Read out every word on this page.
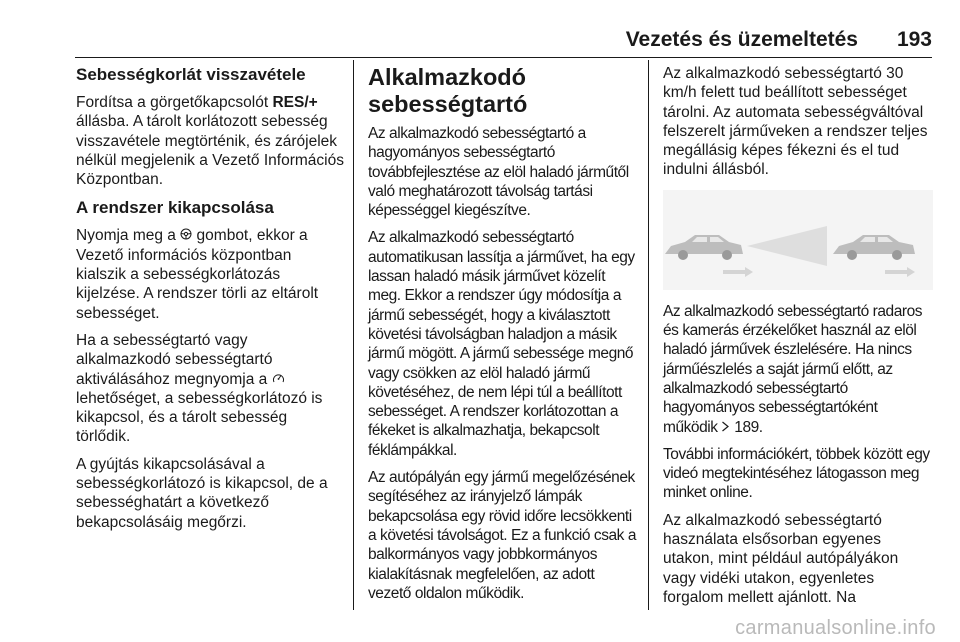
Vezetés és üzemeltetés	193
Sebességkorlát visszavétele

Fordítsa a görgetőkapcsolót RES/+ állásba. A tárolt korlátozott sebesség visszavétele megtörténik, és zárójelek nélkül megjelenik a Vezető Információs Központban.

A rendszer kikapcsolása

Nyomja meg a  gombot, ekkor a Vezető információs központban kialszik a sebességkorlátozás kijelzése. A rendszer törli az eltárolt sebességet.

Ha a sebességtartó vagy alkalmazkodó sebességtartó aktiválásához megnyomja a  lehetőséget, a sebességkorlátozó is kikapcsol, és a tárolt sebesség törlődik.

A gyújtás kikapcsolásával a sebességkorlátozó is kikapcsol, de a sebességhatárt a következő bekapcsolásáig megőrzi.

Alkalmazkodó
sebességtartó

Az alkalmazkodó sebességtartó a hagyományos sebességtartó továbbfejlesztése az elöl haladó járműtől való meghatározott távolság tartási képességgel kiegészítve.

Az alkalmazkodó sebességtartó automatikusan lassítja a járművet, ha egy lassan haladó másik járművet közelít meg. Ekkor a rendszer úgy módosítja a jármű sebességét, hogy a kiválasztott követési távolságban haladjon a másik jármű mögött. A jármű sebessége megnő vagy csökken az elöl haladó jármű követéséhez, de nem lépi túl a beállított sebességet. A rendszer korlátozottan a fékeket is alkalmazhatja, bekapcsolt féklámpákkal.

Az autópályán egy jármű megelőzésének segítéséhez az irányjelző lámpák bekapcsolása egy rövid időre lecsökkenti a követési távolságot. Ez a funkció csak a balkormányos vagy jobbkormányos kialakításnak megfelelően, az adott vezető oldalon működik.

Az alkalmazkodó sebességtartó 30 km/h felett tud beállított sebességet tárolni. Az automata sebességváltóval felszerelt járműveken a rendszer teljes megállásig képes fékezni és el tud indulni állásból.

Az alkalmazkodó sebességtartó radaros és kamerás érzékelőket használ az elöl haladó járművek észlelésére. Ha nincs járműészlelés a saját jármű előtt, az alkalmazkodó sebességtartó hagyományos sebességtartóként működik 189.

További információkért, többek között egy videó megtekintéséhez látogasson meg minket online.

Az alkalmazkodó sebességtartó használata elsősorban egyenes utakon, mint például autópályákon vagy vidéki utakon, egyenletes forgalom mellett ajánlott. Na

carmanualsonline.info
